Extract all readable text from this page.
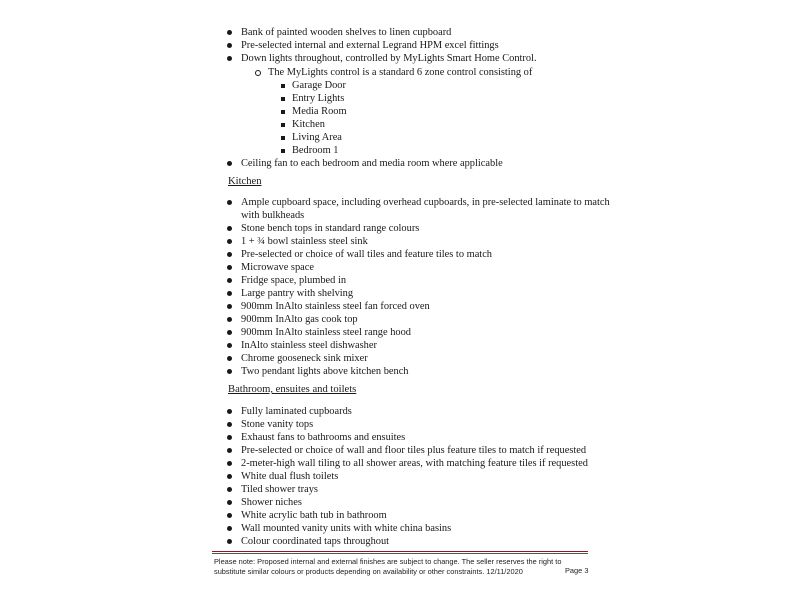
Bank of painted wooden shelves to linen cupboard
Pre-selected internal and external Legrand HPM excel fittings
Down lights throughout, controlled by MyLights Smart Home Control.
The MyLights control is a standard 6 zone control consisting of
Garage Door
Entry Lights
Media Room
Kitchen
Living Area
Bedroom 1
Ceiling fan to each bedroom and media room where applicable
Kitchen
Ample cupboard space, including overhead cupboards, in pre-selected laminate to match
with bulkheads
Stone bench tops in standard range colours
1 + ¾ bowl stainless steel sink
Pre-selected or choice of wall tiles and feature tiles to match
Microwave space
Fridge space, plumbed in
Large pantry with shelving
900mm InAlto stainless steel fan forced oven
900mm InAlto gas cook top
900mm InAlto stainless steel range hood
InAlto stainless steel dishwasher
Chrome gooseneck sink mixer
Two pendant lights above kitchen bench
Bathroom, ensuites and toilets
Fully laminated cupboards
Stone vanity tops
Exhaust fans to bathrooms and ensuites
Pre-selected or choice of wall and floor tiles plus feature tiles to match if requested
2-meter-high wall tiling to all shower areas, with matching feature tiles if requested
White dual flush toilets
Tiled shower trays
Shower niches
White acrylic bath tub in bathroom
Wall mounted vanity units with white china basins
Colour coordinated taps throughout
Please note: Proposed internal and external finishes are subject to change. The seller reserves the right to
substitute similar colours or products depending on availability or other constraints. 12/11/2020	Page 3
